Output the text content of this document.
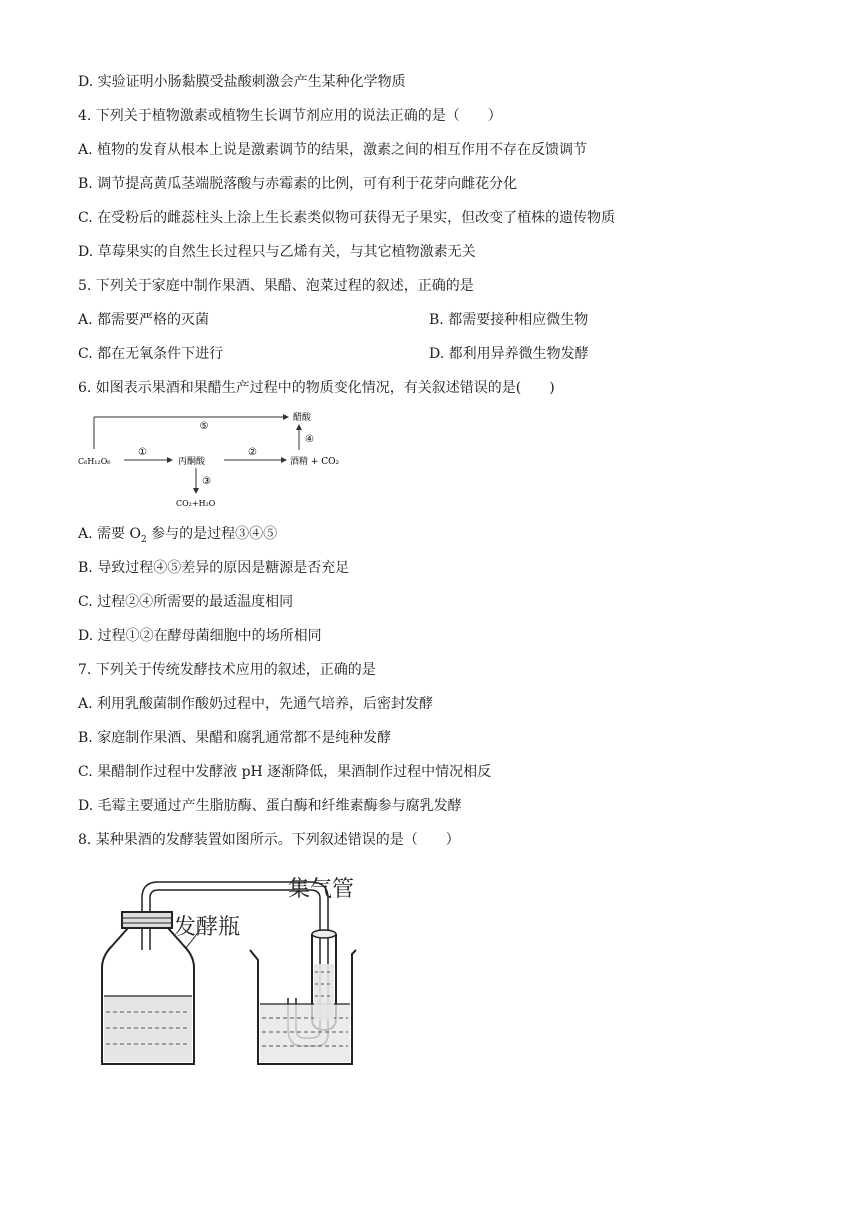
D. 实验证明小肠黏膜受盐酸刺激会产生某种化学物质
4. 下列关于植物激素或植物生长调节剂应用的说法正确的是（　　）
A. 植物的发育从根本上说是激素调节的结果，激素之间的相互作用不存在反馈调节
B. 调节提高黄瓜茎端脱落酸与赤霉素的比例，可有利于花芽向雌花分化
C. 在受粉后的雌蕊柱头上涂上生长素类似物可获得无子果实，但改变了植株的遗传物质
D. 草莓果实的自然生长过程只与乙烯有关，与其它植物激素无关
5. 下列关于家庭中制作果酒、果醋、泡菜过程的叙述，正确的是
A. 都需要严格的灭菌	B. 都需要接种相应微生物
C. 都在无氧条件下进行	D. 都利用异养微生物发酵
6. 如图表示果酒和果醋生产过程中的物质变化情况，有关叙述错误的是(　　)
⑤
醋酸
C₆H₁₂O₆
①
丙酮酸
②
酒精 + CO₂
④
③
CO₂+H₂O
A. 需要 $O_2$ 参与的是过程③④⑤
B. 导致过程④⑤差异的原因是糖源是否充足
C. 过程②④所需要的最适温度相同
D. 过程①②在酵母菌细胞中的场所相同
7. 下列关于传统发酵技术应用的叙述，正确的是
A. 利用乳酸菌制作酸奶过程中，先通气培养，后密封发酵
B. 家庭制作果酒、果醋和腐乳通常都不是纯种发酵
C. 果醋制作过程中发酵液 pH 逐渐降低，果酒制作过程中情况相反
D. 毛霉主要通过产生脂肪酶、蛋白酶和纤维素酶参与腐乳发酵
8. 某种果酒的发酵装置如图所示。下列叙述错误的是（　　）
发酵瓶
集气管
